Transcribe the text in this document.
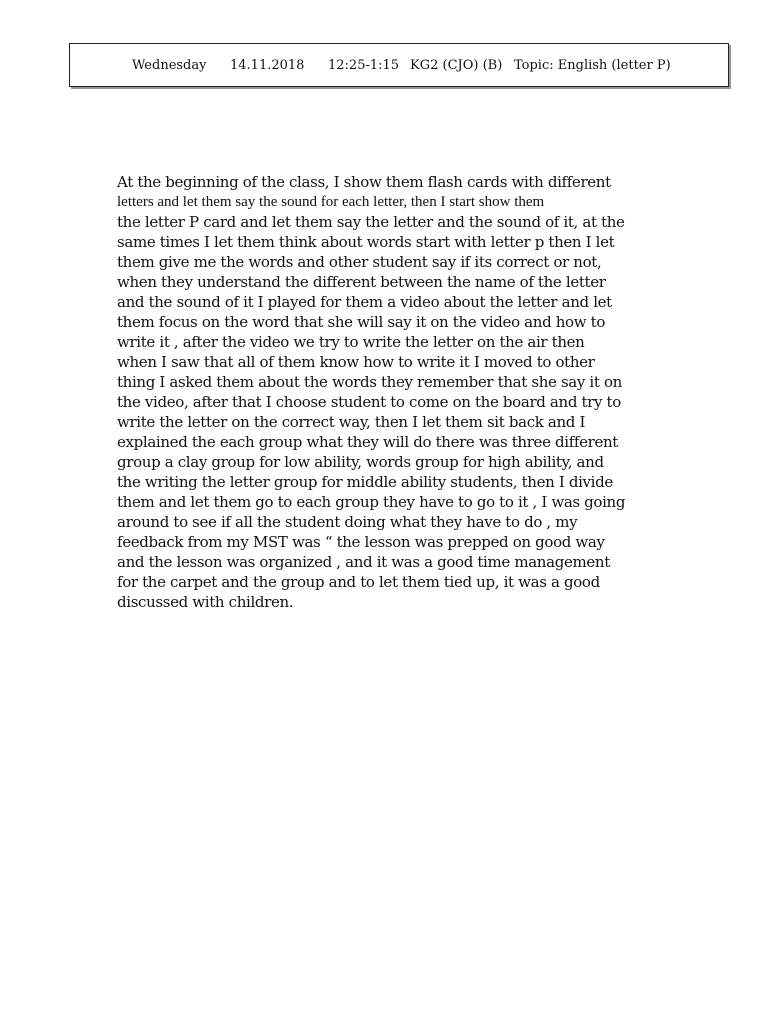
Wednesday 14.11.2018 12:25-1:15 KG2 (CJO) (B) Topic: English (letter P)
At the beginning of the class, I show them flash cards with different
letters and let them say the sound for each letter, then I start show them
the letter P card and let them say the letter and the sound of it, at the
same times I let them think about words start with letter p then I let
them give me the words and other student say if its correct or not,
when they understand the different between the name of the letter
and the sound of it I played for them a video about the letter and let
them focus on the word that she will say it on the video and how to
write it , after the video we try to write the letter on the air then
when I saw that all of them know how to write it I moved to other
thing I asked them about the words they remember that she say it on
the video, after that I choose student to come on the board and try to
write the letter on the correct way, then I let them sit back and I
explained the each group what they will do there was three different
group a clay group for low ability, words group for high ability, and
the writing the letter group for middle ability students, then I divide
them and let them go to each group they have to go to it , I was going
around to see if all the student doing what they have to do , my
feedback from my MST was “ the lesson was prepped on good way
and the lesson was organized , and it was a good time management
for the carpet and the group and to let them tied up, it was a good
discussed with children.
